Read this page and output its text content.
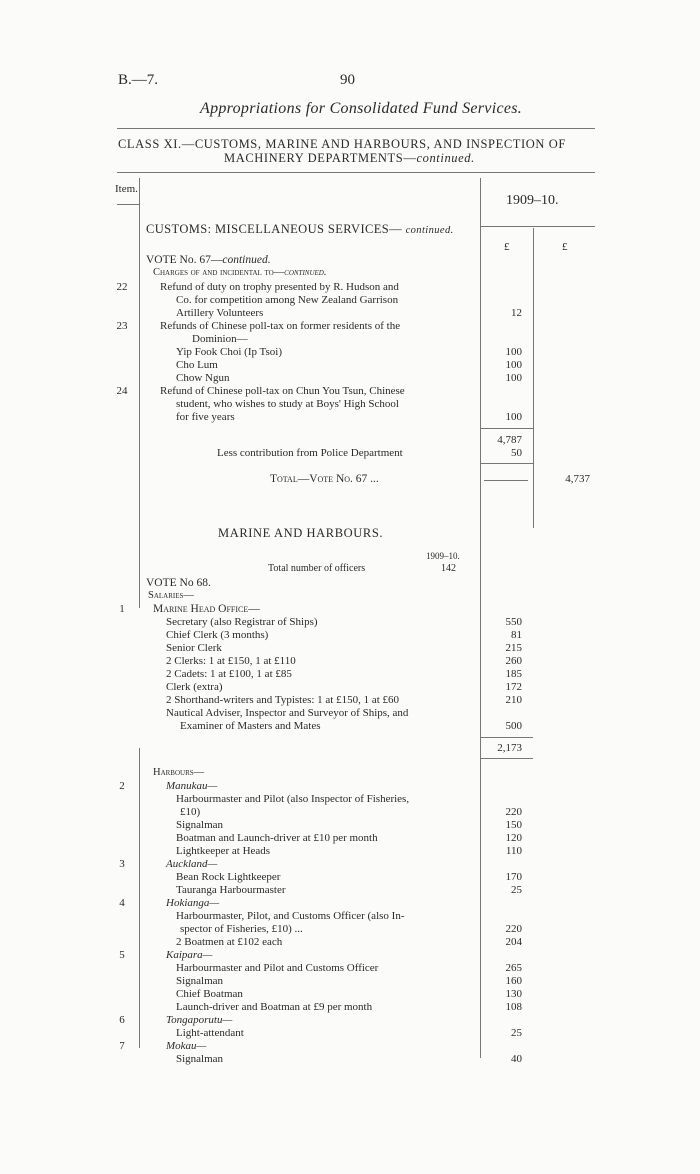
B.—7.	90
Appropriations for Consolidated Fund Services.
CLASS XI.—CUSTOMS, MARINE AND HARBOURS, AND INSPECTION OF
MACHINERY DEPARTMENTS—continued.
Item.
1909–10.
£	£
CUSTOMS: MISCELLANEOUS SERVICES— continued.
VOTE No. 67—continued.
Charges of and incidental to—continued.
22	Refund of duty on trophy presented by R. Hudson and
Co. for competition among New Zealand Garrison
Artillery Volunteers	12
23	Refunds of Chinese poll-tax on former residents of the
Dominion—
Yip Fook Choi (Ip Tsoi)	100
Cho Lum	100
Chow Ngun	100
24	Refund of Chinese poll-tax on Chun You Tsun, Chinese
student, who wishes to study at Boys' High School
for five years	100
4,787
Less contribution from Police Department	50
Total—Vote No. 67 ...	4,737
MARINE AND HARBOURS.
1909–10.
Total number of officers	142
VOTE No 68.
Salaries—
1	Marine Head Office—
Secretary (also Registrar of Ships)	550
Chief Clerk (3 months)	81
Senior Clerk	215
2 Clerks: 1 at £150, 1 at £110	260
2 Cadets: 1 at £100, 1 at £85	185
Clerk (extra)	172
2 Shorthand-writers and Typistes: 1 at £150, 1 at £60	210
Nautical Adviser, Inspector and Surveyor of Ships, and
Examiner of Masters and Mates	500
2,173
Harbours—
2	Manukau—
Harbourmaster and Pilot (also Inspector of Fisheries,
£10)	220
Signalman	150
Boatman and Launch-driver at £10 per month	120
Lightkeeper at Heads	110
3	Auckland—
Bean Rock Lightkeeper	170
Tauranga Harbourmaster	25
4	Hokianga—
Harbourmaster, Pilot, and Customs Officer (also In-
spector of Fisheries, £10) ...	220
2 Boatmen at £102 each	204
5	Kaipara—
Harbourmaster and Pilot and Customs Officer	265
Signalman	160
Chief Boatman	130
Launch-driver and Boatman at £9 per month	108
6	Tongaporutu—
Light-attendant	25
7	Mokau—
Signalman	40
